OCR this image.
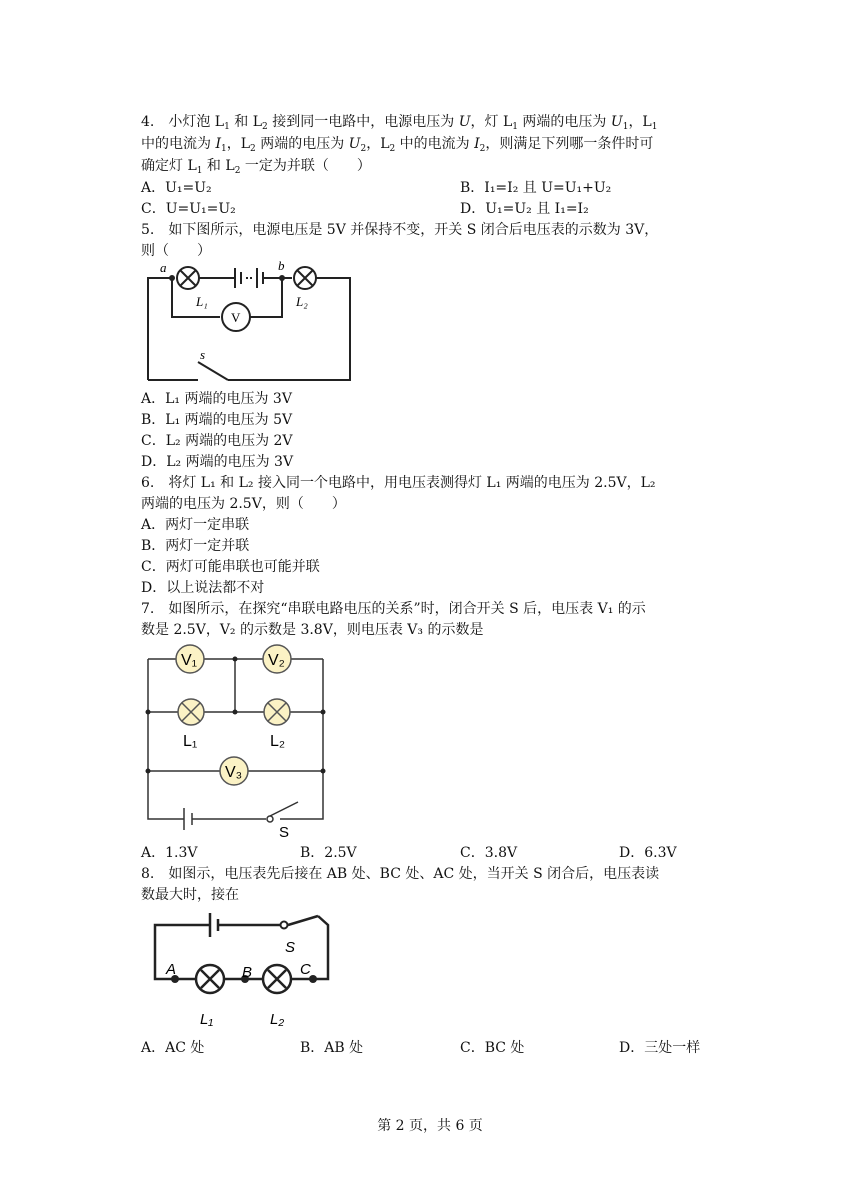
4.　小灯泡 $L_1$ 和 $L_2$ 接到同一电路中，电源电压为 U，灯 $L_1$ 两端的电压为 $U_1$，$L_1$
中的电流为 $I_1$，$L_2$ 两端的电压为 $U_2$，$L_2$ 中的电流为 $I_2$，则满足下列哪一条件时可
确定灯 $L_1$ 和 $L_2$ 一定为并联（　　）
A．U₁=U₂	B．I₁=I₂ 且 U=U₁+U₂
C．U=U₁=U₂	D．U₁=U₂ 且 I₁=I₂
5.　如下图所示，电源电压是 5V 并保持不变，开关 S 闭合后电压表的示数为 3V，
则（　　）
a	b
L₁	L₂
V
s
A．L₁ 两端的电压为 3V
B．L₁ 两端的电压为 5V
C．L₂ 两端的电压为 2V
D．L₂ 两端的电压为 3V
6.　将灯 L₁ 和 L₂ 接入同一个电路中，用电压表测得灯 L₁ 两端的电压为 2.5V，L₂
两端的电压为 2.5V，则（　　）
A．两灯一定串联
B．两灯一定并联
C．两灯可能串联也可能并联
D．以上说法都不对
7.　如图所示，在探究“串联电路电压的关系”时，闭合开关 S 后，电压表 V₁ 的示
数是 2.5V，V₂ 的示数是 3.8V，则电压表 V₃ 的示数是
V₁	V₂
V₃
L₁	L₂
S
A．1.3V	B．2.5V	C．3.8V	D．6.3V
8.　如图示，电压表先后接在 AB 处、BC 处、AC 处，当开关 S 闭合后，电压表读
数最大时，接在
A	B	C
S
L₁	L₂
A．AC 处	B．AB 处	C．BC 处	D．三处一样
第 2 页，共 6 页
